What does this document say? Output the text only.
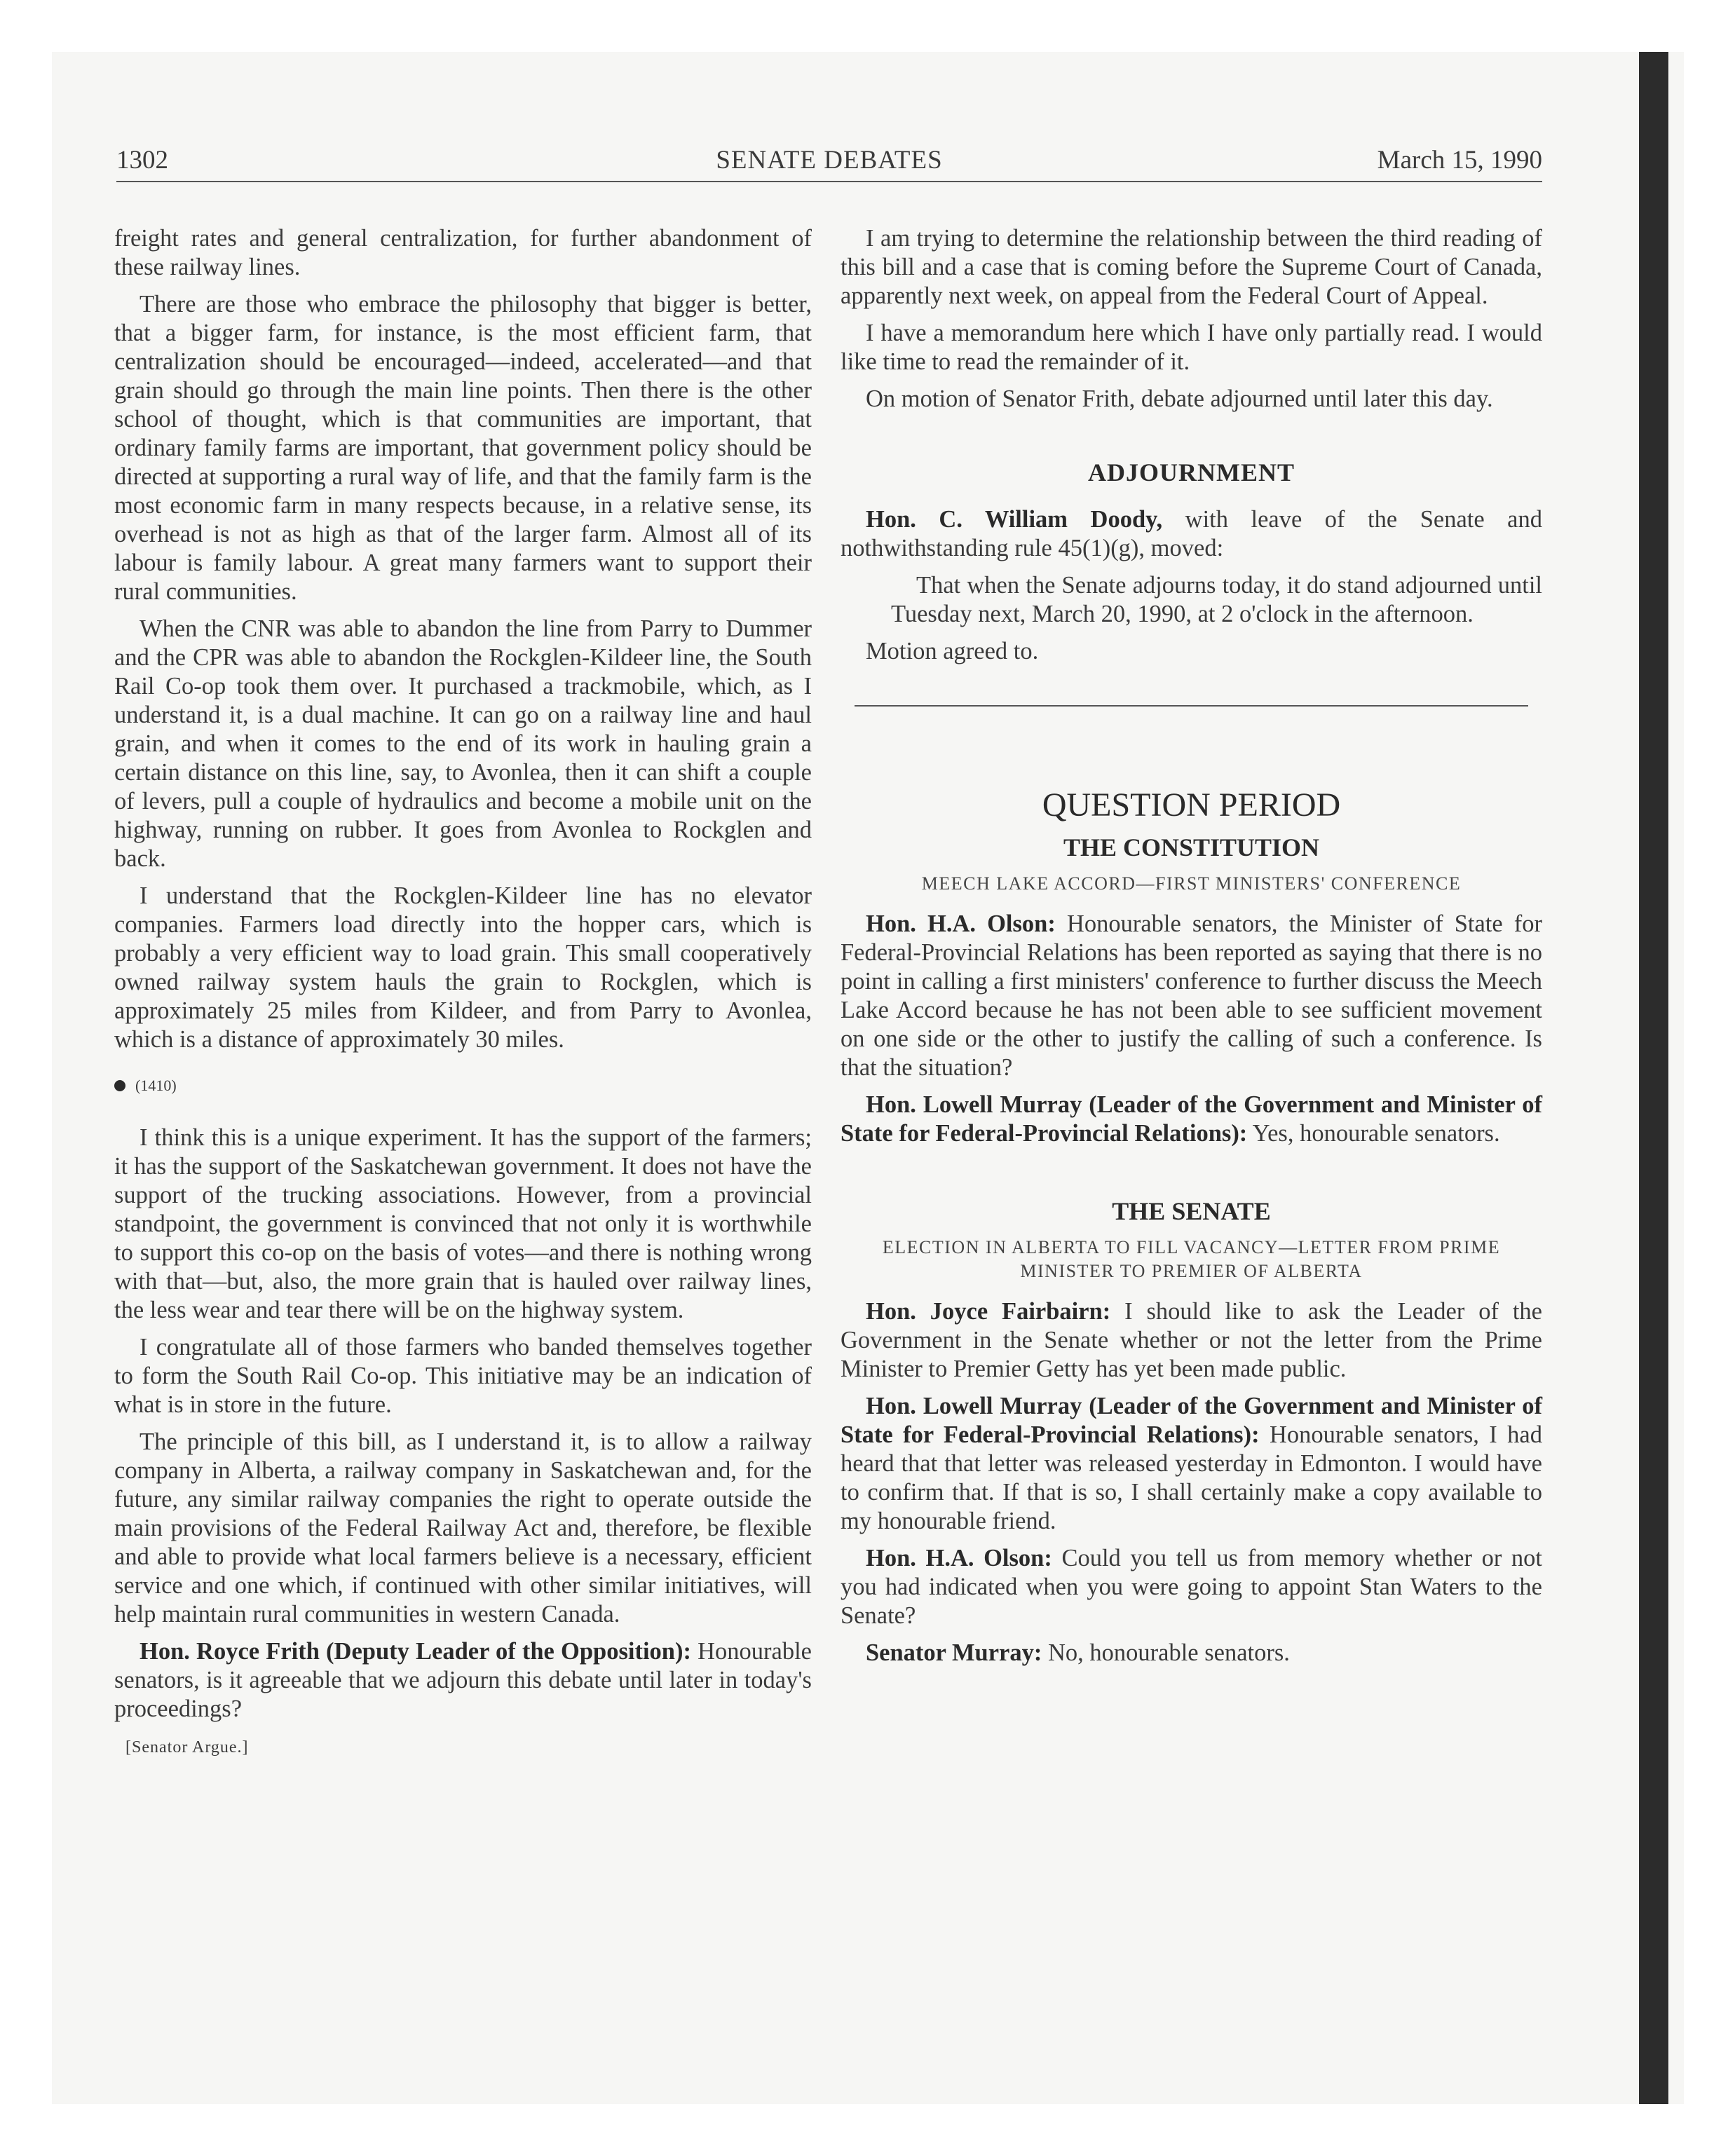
1302	SENATE DEBATES	March 15, 1990

freight rates and general centralization, for further abandonment of these railway lines.

There are those who embrace the philosophy that bigger is better, that a bigger farm, for instance, is the most efficient farm, that centralization should be encouraged—indeed, accelerated—and that grain should go through the main line points. Then there is the other school of thought, which is that communities are important, that ordinary family farms are important, that government policy should be directed at supporting a rural way of life, and that the family farm is the most economic farm in many respects because, in a relative sense, its overhead is not as high as that of the larger farm. Almost all of its labour is family labour. A great many farmers want to support their rural communities.

When the CNR was able to abandon the line from Parry to Dummer and the CPR was able to abandon the Rockglen-Kildeer line, the South Rail Co-op took them over. It purchased a trackmobile, which, as I understand it, is a dual machine. It can go on a railway line and haul grain, and when it comes to the end of its work in hauling grain a certain distance on this line, say, to Avonlea, then it can shift a couple of levers, pull a couple of hydraulics and become a mobile unit on the highway, running on rubber. It goes from Avonlea to Rockglen and back.

I understand that the Rockglen-Kildeer line has no elevator companies. Farmers load directly into the hopper cars, which is probably a very efficient way to load grain. This small cooperatively owned railway system hauls the grain to Rockglen, which is approximately 25 miles from Kildeer, and from Parry to Avonlea, which is a distance of approximately 30 miles.

(1410)

I think this is a unique experiment. It has the support of the farmers; it has the support of the Saskatchewan government. It does not have the support of the trucking associations. However, from a provincial standpoint, the government is convinced that not only it is worthwhile to support this co-op on the basis of votes—and there is nothing wrong with that—but, also, the more grain that is hauled over railway lines, the less wear and tear there will be on the highway system.

I congratulate all of those farmers who banded themselves together to form the South Rail Co-op. This initiative may be an indication of what is in store in the future.

The principle of this bill, as I understand it, is to allow a railway company in Alberta, a railway company in Saskatchewan and, for the future, any similar railway companies the right to operate outside the main provisions of the Federal Railway Act and, therefore, be flexible and able to provide what local farmers believe is a necessary, efficient service and one which, if continued with other similar initiatives, will help maintain rural communities in western Canada.

Hon. Royce Frith (Deputy Leader of the Opposition): Honourable senators, is it agreeable that we adjourn this debate until later in today's proceedings?

[Senator Argue.]

I am trying to determine the relationship between the third reading of this bill and a case that is coming before the Supreme Court of Canada, apparently next week, on appeal from the Federal Court of Appeal.

I have a memorandum here which I have only partially read. I would like time to read the remainder of it.

On motion of Senator Frith, debate adjourned until later this day.

ADJOURNMENT

Hon. C. William Doody, with leave of the Senate and nothwithstanding rule 45(1)(g), moved:

That when the Senate adjourns today, it do stand adjourned until Tuesday next, March 20, 1990, at 2 o'clock in the afternoon.

Motion agreed to.

QUESTION PERIOD
THE CONSTITUTION
MEECH LAKE ACCORD—FIRST MINISTERS' CONFERENCE

Hon. H.A. Olson: Honourable senators, the Minister of State for Federal-Provincial Relations has been reported as saying that there is no point in calling a first ministers' conference to further discuss the Meech Lake Accord because he has not been able to see sufficient movement on one side or the other to justify the calling of such a conference. Is that the situation?

Hon. Lowell Murray (Leader of the Government and Minister of State for Federal-Provincial Relations): Yes, honourable senators.

THE SENATE
ELECTION IN ALBERTA TO FILL VACANCY—LETTER FROM PRIME MINISTER TO PREMIER OF ALBERTA

Hon. Joyce Fairbairn: I should like to ask the Leader of the Government in the Senate whether or not the letter from the Prime Minister to Premier Getty has yet been made public.

Hon. Lowell Murray (Leader of the Government and Minister of State for Federal-Provincial Relations): Honourable senators, I had heard that that letter was released yesterday in Edmonton. I would have to confirm that. If that is so, I shall certainly make a copy available to my honourable friend.

Hon. H.A. Olson: Could you tell us from memory whether or not you had indicated when you were going to appoint Stan Waters to the Senate?

Senator Murray: No, honourable senators.
